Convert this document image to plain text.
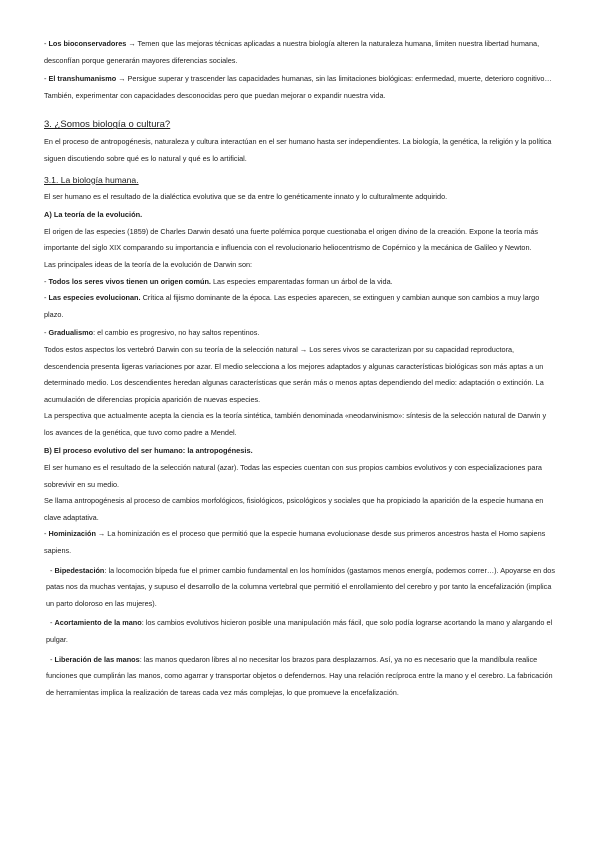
- Los bioconservadores → Temen que las mejoras técnicas aplicadas a nuestra biología alteren la naturaleza humana, limiten nuestra libertad humana, desconfían porque generarán mayores diferencias sociales.

- El transhumanismo → Persigue superar y trascender las capacidades humanas, sin las limitaciones biológicas: enfermedad, muerte, deterioro cognitivo… También, experimentar con capacidades desconocidas pero que puedan mejorar o expandir nuestra vida.

3. ¿Somos biología o cultura?

En el proceso de antropogénesis, naturaleza y cultura interactúan en el ser humano hasta ser independientes. La biología, la genética, la religión y la política siguen discutiendo sobre qué es lo natural y qué es lo artificial.

3.1. La biología humana.

El ser humano es el resultado de la dialéctica evolutiva que se da entre lo genéticamente innato y lo culturalmente adquirido.

A) La teoría de la evolución.

El origen de las especies (1859) de Charles Darwin desató una fuerte polémica porque cuestionaba el origen divino de la creación. Expone la teoría más importante del siglo XIX comparando su importancia e influencia con el revolucionario heliocentrismo de Copérnico y la mecánica de Galileo y Newton.

Las principales ideas de la teoría de la evolución de Darwin son:

- Todos los seres vivos tienen un origen común. Las especies emparentadas forman un árbol de la vida.

- Las especies evolucionan. Crítica al fijismo dominante de la época. Las especies aparecen, se extinguen y cambian aunque son cambios a muy largo plazo.

- Gradualismo: el cambio es progresivo, no hay saltos repentinos.

Todos estos aspectos los vertebró Darwin con su teoría de la selección natural → Los seres vivos se caracterizan por su capacidad reproductora, descendencia presenta ligeras variaciones por azar. El medio selecciona a los mejores adaptados y algunas características biológicas son más aptas a un determinado medio. Los descendientes heredan algunas características que serán más o menos aptas dependiendo del medio: adaptación o extinción. La acumulación de diferencias propicia aparición de nuevas especies.

La perspectiva que actualmente acepta la ciencia es la teoría sintética, también denominada «neodarwinismo»: síntesis de la selección natural de Darwin y los avances de la genética, que tuvo como padre a Mendel.

B) El proceso evolutivo del ser humano: la antropogénesis.

El ser humano es el resultado de la selección natural (azar). Todas las especies cuentan con sus propios cambios evolutivos y con especializaciones para sobrevivir en su medio.

Se llama antropogénesis al proceso de cambios morfológicos, fisiológicos, psicológicos y sociales que ha propiciado la aparición de la especie humana en clave adaptativa.

- Hominización → La hominización es el proceso que permitió que la especie humana evolucionase desde sus primeros ancestros hasta el Homo sapiens sapiens.

- Bipedestación: la locomoción bípeda fue el primer cambio fundamental en los homínidos (gastamos menos energía, podemos correr…). Apoyarse en dos patas nos da muchas ventajas, y supuso el desarrollo de la columna vertebral que permitió el enrollamiento del cerebro y por tanto la encefalización (implica un parto doloroso en las mujeres).

- Acortamiento de la mano: los cambios evolutivos hicieron posible una manipulación más fácil, que solo podía lograrse acortando la mano y alargando el pulgar.

- Liberación de las manos: las manos quedaron libres al no necesitar los brazos para desplazarnos. Así, ya no es necesario que la mandíbula realice funciones que cumplirán las manos, como agarrar y transportar objetos o defendernos. Hay una relación recíproca entre la mano y el cerebro. La fabricación de herramientas implica la realización de tareas cada vez más complejas, lo que promueve la encefalización.
